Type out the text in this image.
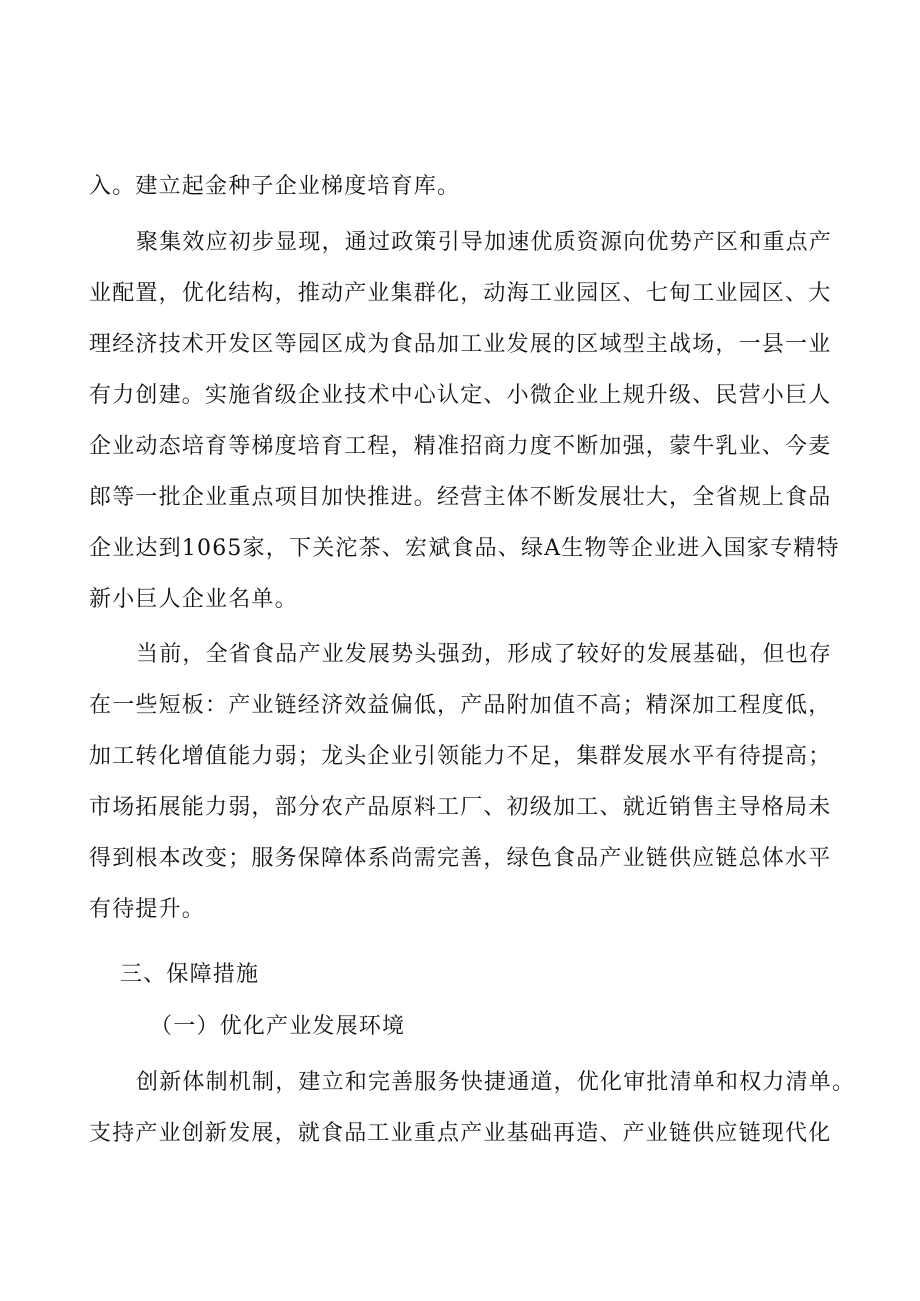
入。建立起金种子企业梯度培育库。
聚集效应初步显现，通过政策引导加速优质资源向优势产区和重点产
业配置，优化结构，推动产业集群化，动海工业园区、七甸工业园区、大
理经济技术开发区等园区成为食品加工业发展的区域型主战场，一县一业
有力创建。实施省级企业技术中心认定、小微企业上规升级、民营小巨人
企业动态培育等梯度培育工程，精准招商力度不断加强，蒙牛乳业、今麦
郎等一批企业重点项目加快推进。经营主体不断发展壮大，全省规上食品
企业达到1065家，下关沱茶、宏斌食品、绿A生物等企业进入国家专精特
新小巨人企业名单。
当前，全省食品产业发展势头强劲，形成了较好的发展基础，但也存
在一些短板：产业链经济效益偏低，产品附加值不高；精深加工程度低，
加工转化增值能力弱；龙头企业引领能力不足，集群发展水平有待提高；
市场拓展能力弱，部分农产品原料工厂、初级加工、就近销售主导格局未
得到根本改变；服务保障体系尚需完善，绿色食品产业链供应链总体水平
有待提升。
三、保障措施
（一）优化产业发展环境
创新体制机制，建立和完善服务快捷通道，优化审批清单和权力清单。
支持产业创新发展，就食品工业重点产业基础再造、产业链供应链现代化
